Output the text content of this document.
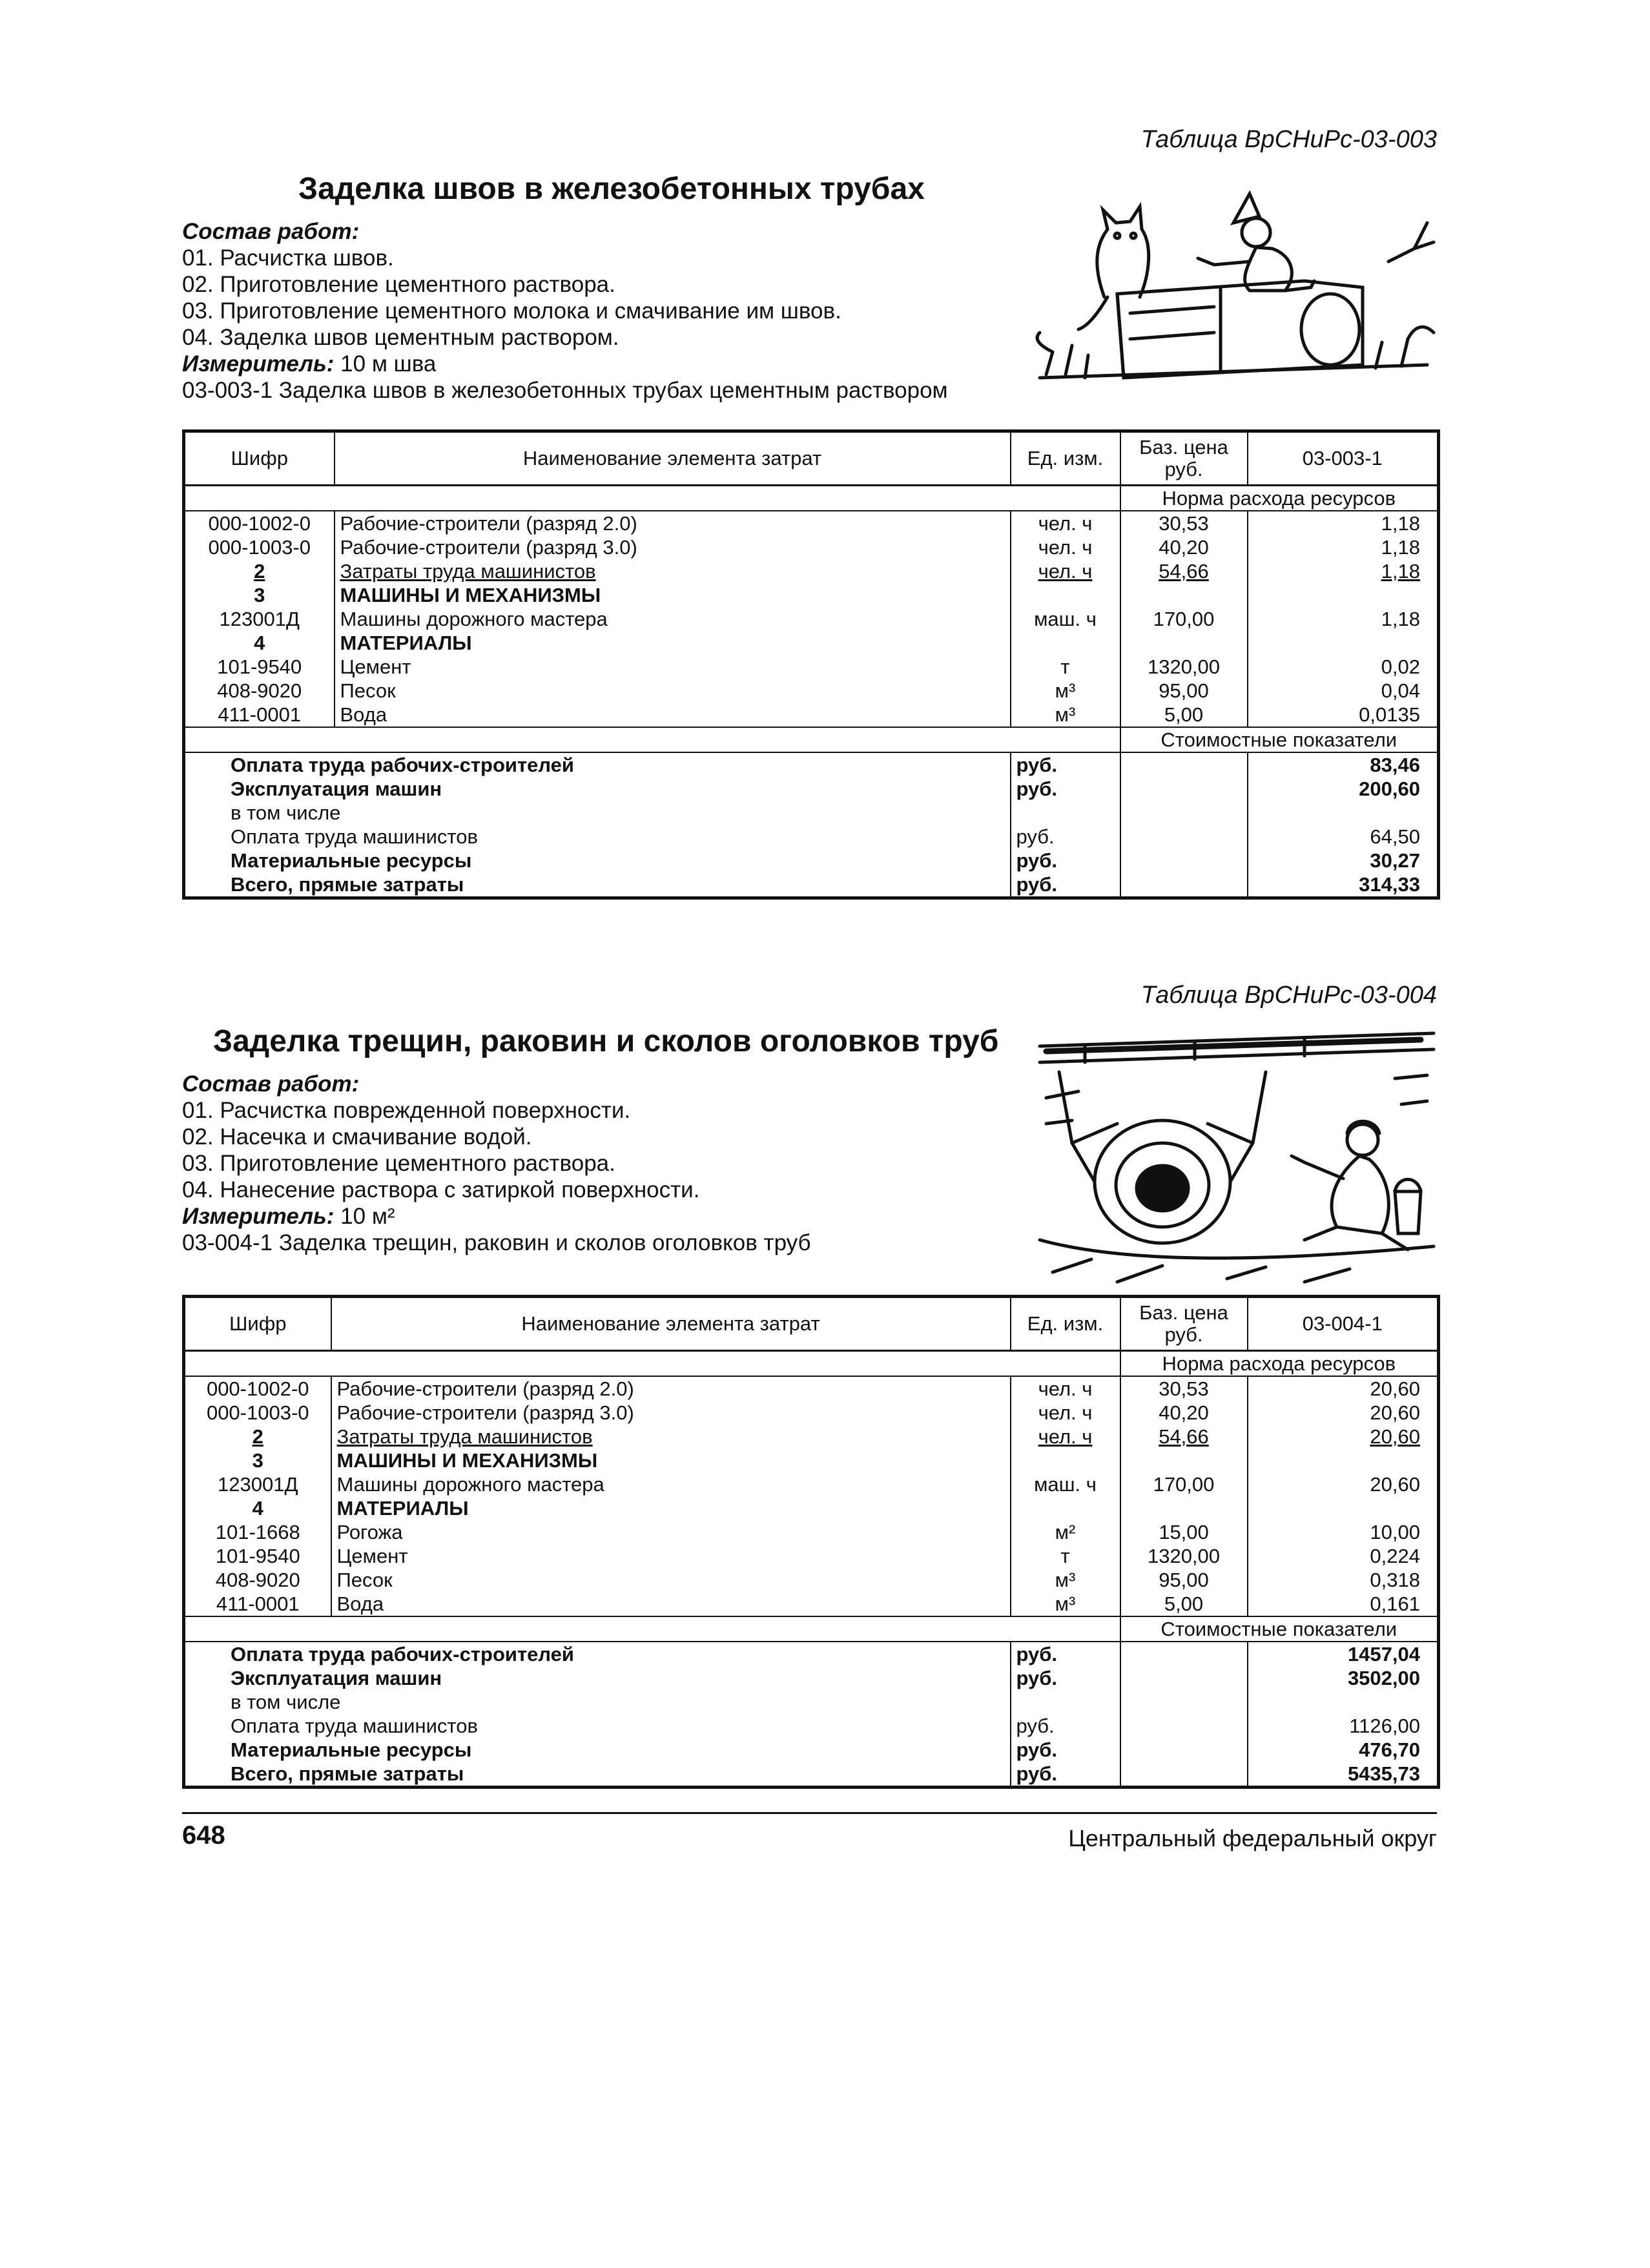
Таблица ВрСНиРс-03-003
Заделка швов в железобетонных трубах
Состав работ:
01. Расчистка швов.
02. Приготовление цементного раствора.
03. Приготовление цементного молока и смачивание им швов.
04. Заделка швов цементным раствором.
Измеритель: 10 м шва
03-003-1 Заделка швов в железобетонных трубах цементным раствором
Шифр	Наименование элемента затрат	Ед. изм.	Баз. цена руб.	03-003-1
			Норма расхода ресурсов	
000-1002-0	Рабочие-строители (разряд 2.0)	чел. ч	30,53	1,18
000-1003-0	Рабочие-строители (разряд 3.0)	чел. ч	40,20	1,18
2	Затраты труда машинистов	чел. ч	54,66	1,18
3	МАШИНЫ И МЕХАНИЗМЫ			
123001Д	Машины дорожного мастера	маш. ч	170,00	1,18
4	МАТЕРИАЛЫ			
101-9540	Цемент	т	1320,00	0,02
408-9020	Песок	м³	95,00	0,04
411-0001	Вода	м³	5,00	0,0135
			Стоимостные показатели	
Оплата труда рабочих-строителей		руб.		83,46
Эксплуатация машин		руб.		200,60
в том числе				
Оплата труда машинистов		руб.		64,50
Материальные ресурсы		руб.		30,27
Всего, прямые затраты		руб.		314,33
Таблица ВрСНиРс-03-004
Заделка трещин, раковин и сколов оголовков труб
Состав работ:
01. Расчистка поврежденной поверхности.
02. Насечка и смачивание водой.
03. Приготовление цементного раствора.
04. Нанесение раствора с затиркой поверхности.
Измеритель: 10 м²
03-004-1 Заделка трещин, раковин и сколов оголовков труб
Шифр	Наименование элемента затрат	Ед. изм.	Баз. цена руб.	03-004-1
			Норма расхода ресурсов	
000-1002-0	Рабочие-строители (разряд 2.0)	чел. ч	30,53	20,60
000-1003-0	Рабочие-строители (разряд 3.0)	чел. ч	40,20	20,60
2	Затраты труда машинистов	чел. ч	54,66	20,60
3	МАШИНЫ И МЕХАНИЗМЫ			
123001Д	Машины дорожного мастера	маш. ч	170,00	20,60
4	МАТЕРИАЛЫ			
101-1668	Рогожа	м²	15,00	10,00
101-9540	Цемент	т	1320,00	0,224
408-9020	Песок	м³	95,00	0,318
411-0001	Вода	м³	5,00	0,161
			Стоимостные показатели	
Оплата труда рабочих-строителей		руб.		1457,04
Эксплуатация машин		руб.		3502,00
в том числе				
Оплата труда машинистов		руб.		1126,00
Материальные ресурсы		руб.		476,70
Всего, прямые затраты		руб.		5435,73
648	Центральный федеральный округ
